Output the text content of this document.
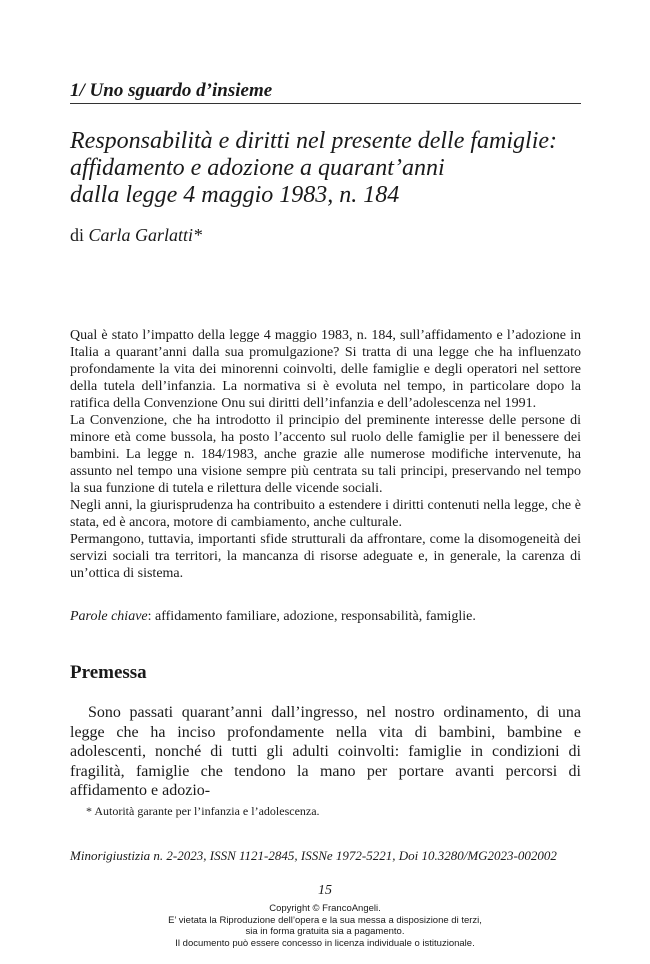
1/ Uno sguardo d’insieme
Responsabilità e diritti nel presente delle famiglie:
affidamento e adozione a quarant’anni
dalla legge 4 maggio 1983, n. 184
di Carla Garlatti*

Qual è stato l’impatto della legge 4 maggio 1983, n. 184, sull’affidamento e l’adozione in Italia a quarant’anni dalla sua promulgazione? Si tratta di una legge che ha influenzato profondamente la vita dei minorenni coinvolti, delle famiglie e degli operatori nel settore della tutela dell’infanzia. La normativa si è evoluta nel tempo, in particolare dopo la ratifica della Convenzione Onu sui diritti dell’infanzia e dell’adolescenza nel 1991.

La Convenzione, che ha introdotto il principio del preminente interesse delle persone di minore età come bussola, ha posto l’accento sul ruolo delle famiglie per il benessere dei bambini. La legge n. 184/1983, anche grazie alle numerose modifiche intervenute, ha assunto nel tempo una visione sempre più centrata su tali principi, preservando nel tempo la sua funzione di tutela e rilettura delle vicende sociali.

Negli anni, la giurisprudenza ha contribuito a estendere i diritti contenuti nella legge, che è stata, ed è ancora, motore di cambiamento, anche culturale.

Permangono, tuttavia, importanti sfide strutturali da affrontare, come la disomogeneità dei servizi sociali tra territori, la mancanza di risorse adeguate e, in generale, la carenza di un’ottica di sistema.

Parole chiave: affidamento familiare, adozione, responsabilità, famiglie.
Premessa
Sono passati quarant’anni dall’ingresso, nel nostro ordinamento, di una legge che ha inciso profondamente nella vita di bambini, bambine e adolescenti, nonché di tutti gli adulti coinvolti: famiglie in condizioni di fragilità, famiglie che tendono la mano per portare avanti percorsi di affidamento e adozio-
* Autorità garante per l’infanzia e l’adolescenza.
Minorigiustizia n. 2-2023, ISSN 1121-2845, ISSNe 1972-5221, Doi 10.3280/MG2023-002002
15
Copyright © FrancoAngeli.
E’ vietata la Riproduzione dell’opera e la sua messa a disposizione di terzi,
sia in forma gratuita sia a pagamento.
Il documento può essere concesso in licenza individuale o istituzionale.
